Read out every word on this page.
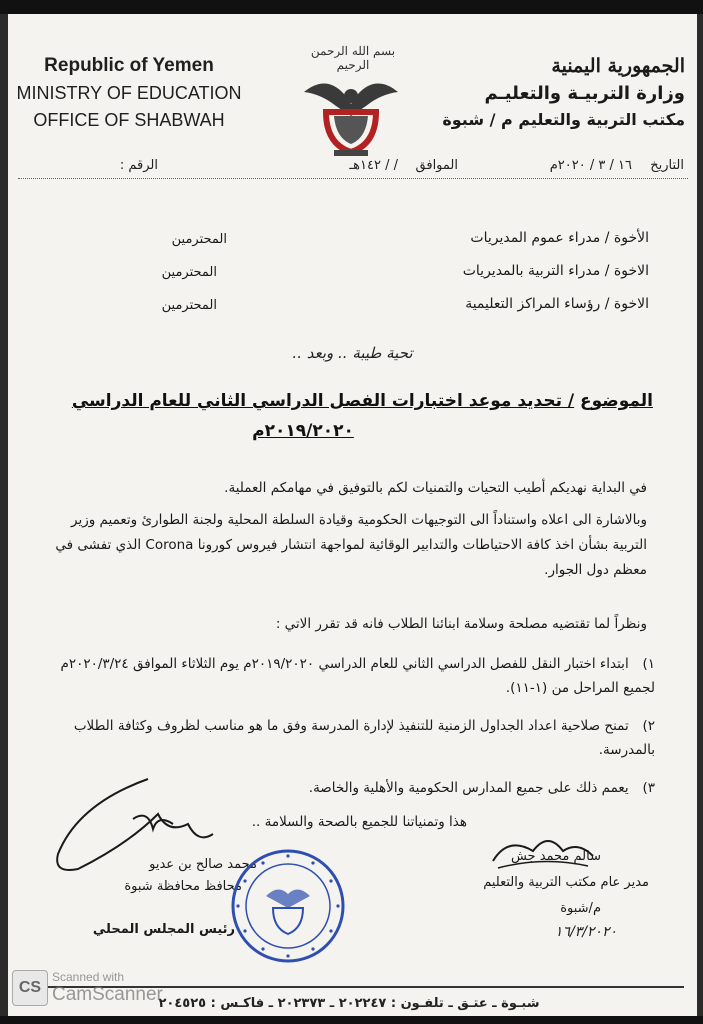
Republic of Yemen
MINISTRY OF EDUCATION
OFFICE OF SHABWAH
بسم الله الرحمن الرحيم	الجمهورية اليمنية
وزارة التربيـة والتعليـم
مكتب التربية والتعليم م / شبوة
التاريخ
١٦ / ٣ / ٢٠٢٠م
الموافق
/ / ١٤٢هـ
الرقم :
الأخوة / مدراء عموم المديريات
المحترمين
الاخوة / مدراء التربية بالمديريات
المحترمين
الاخوة / رؤساء المراكز التعليمية
المحترمين
تحية طيبة .. وبعد ..
الموضوع / تحديد موعد اختبارات الفصل الدراسي الثاني للعام الدراسي
٢٠١٩/٢٠٢٠م
في البداية نهديكم أطيب التحيات والتمنيات لكم بالتوفيق في مهامكم العملية.
وبالاشارة الى اعلاه واستناداً الى التوجيهات الحكومية وقيادة السلطة المحلية ولجنة الطوارئ وتعميم وزير التربية بشأن اخذ كافة الاحتياطات والتدابير الوقائية لمواجهة انتشار فيروس كورونا Corona الذي تفشى في معظم دول الجوار.
ونظراً لما تقتضيه مصلحة وسلامة ابنائنا الطلاب فانه قد تقرر الاتي :
١) ابتداء اختبار النقل للفصل الدراسي الثاني للعام الدراسي ٢٠١٩/٢٠٢٠م يوم الثلاثاء الموافق ٢٠٢٠/٣/٢٤م لجميع المراحل من (١-١١).
٢) تمنح صلاحية اعداد الجداول الزمنية للتنفيذ لإدارة المدرسة وفق ما هو مناسب لظروف وكثافة الطلاب بالمدرسة.
٣) يعمم ذلك على جميع المدارس الحكومية والأهلية والخاصة.
هذا وتمنياتنا للجميع بالصحة والسلامة ..
سالم محمد جش
مدير عام مكتب التربية والتعليم
م/شبوة
١٦/٣/٢٠٢٠
محمد صالح بن عديو
محافظ محافظة شبوة
رئيس المجلس المحلي
شبـوة ـ عتـق ـ تلفـون : ٢٠٢٢٤٧ ـ ٢٠٢٣٧٣ ـ فاكـس : ٢٠٤٥٢٥
CS
Scanned with
CamScanner
